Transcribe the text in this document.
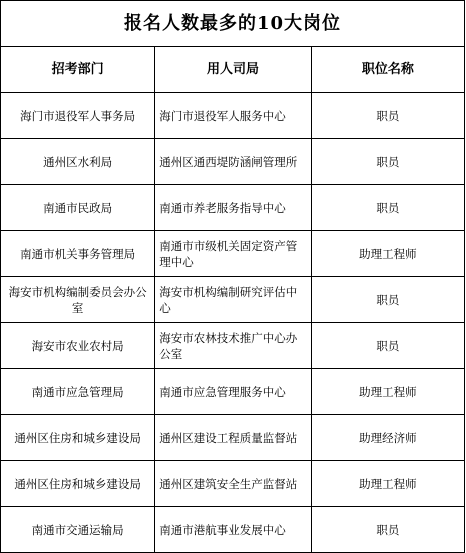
报名人数最多的10大岗位		
招考部门	用人司局	职位名称
海门市退役军人事务局	海门市退役军人服务中心	职员
通州区水利局	通州区通西堤防涵闸管理所	职员
南通市民政局	南通市养老服务指导中心	职员
南通市机关事务管理局	南通市市级机关固定资产管理中心	助理工程师
海安市机构编制委员会办公室	海安市机构编制研究评估中心	职员
海安市农业农村局	海安市农林技术推广中心办公室	职员
南通市应急管理局	南通市应急管理服务中心	助理工程师
通州区住房和城乡建设局	通州区建设工程质量监督站	助理经济师
通州区住房和城乡建设局	通州区建筑安全生产监督站	助理工程师
南通市交通运输局	南通市港航事业发展中心	职员
